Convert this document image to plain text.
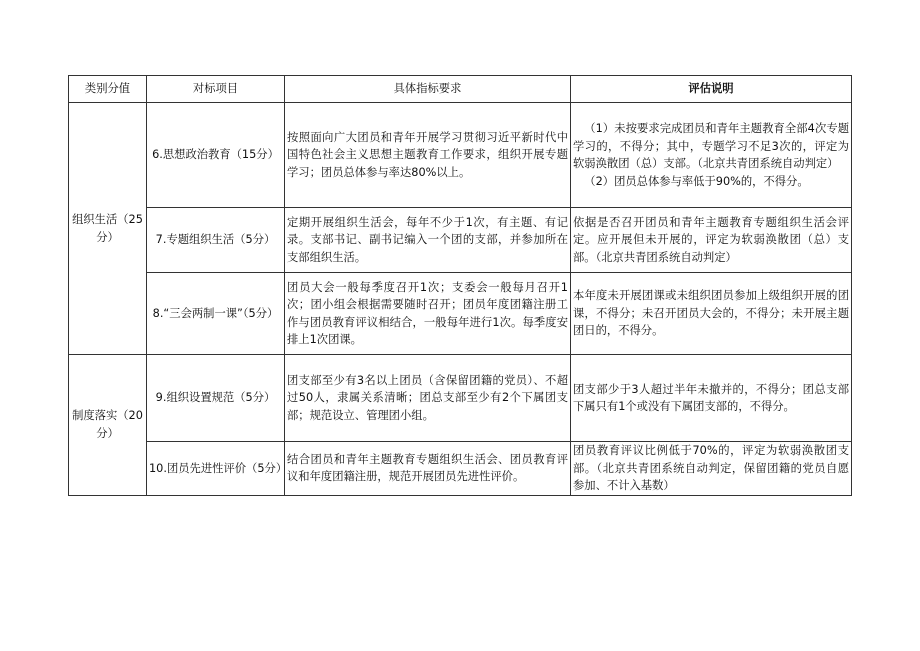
类别分值	对标项目	具体指标要求	评估说明
组织生活（25分）	6.思想政治教育（15分）	按照面向广大团员和青年开展学习贯彻习近平新时代中国特色社会主义思想主题教育工作要求，组织开展专题学习；团员总体参与率达80%以上。	（1）未按要求完成团员和青年主题教育全部4次专题学习的，不得分；其中，专题学习不足3次的，评定为软弱涣散团（总）支部。（北京共青团系统自动判定）

（2）团员总体参与率低于90%的，不得分。

	7.专题组织生活（5分）	定期开展组织生活会，每年不少于1次，有主题、有记录。支部书记、副书记编入一个团的支部，并参加所在支部组织生活。	依据是否召开团员和青年主题教育专题组织生活会评定。应开展但未开展的，评定为软弱涣散团（总）支部。（北京共青团系统自动判定）

	8.“三会两制一课”（5分）	团员大会一般每季度召开1次；支委会一般每月召开1次；团小组会根据需要随时召开；团员年度团籍注册工作与团员教育评议相结合，一般每年进行1次。每季度安排上1次团课。	本年度未开展团课或未组织团员参加上级组织开展的团课，不得分；未召开团员大会的，不得分；未开展主题团日的，不得分。

制度落实（20分）	9.组织设置规范（5分）	团支部至少有3名以上团员（含保留团籍的党员）、不超过50人，隶属关系清晰；团总支部至少有2个下属团支部；规范设立、管理团小组。	团支部少于3人超过半年未撤并的，不得分；团总支部下属只有1个或没有下属团支部的，不得分。

	10.团员先进性评价（5分）	结合团员和青年主题教育专题组织生活会、团员教育评议和年度团籍注册，规范开展团员先进性评价。	团员教育评议比例低于70%的，评定为软弱涣散团支部。（北京共青团系统自动判定，保留团籍的党员自愿参加、不计入基数）
